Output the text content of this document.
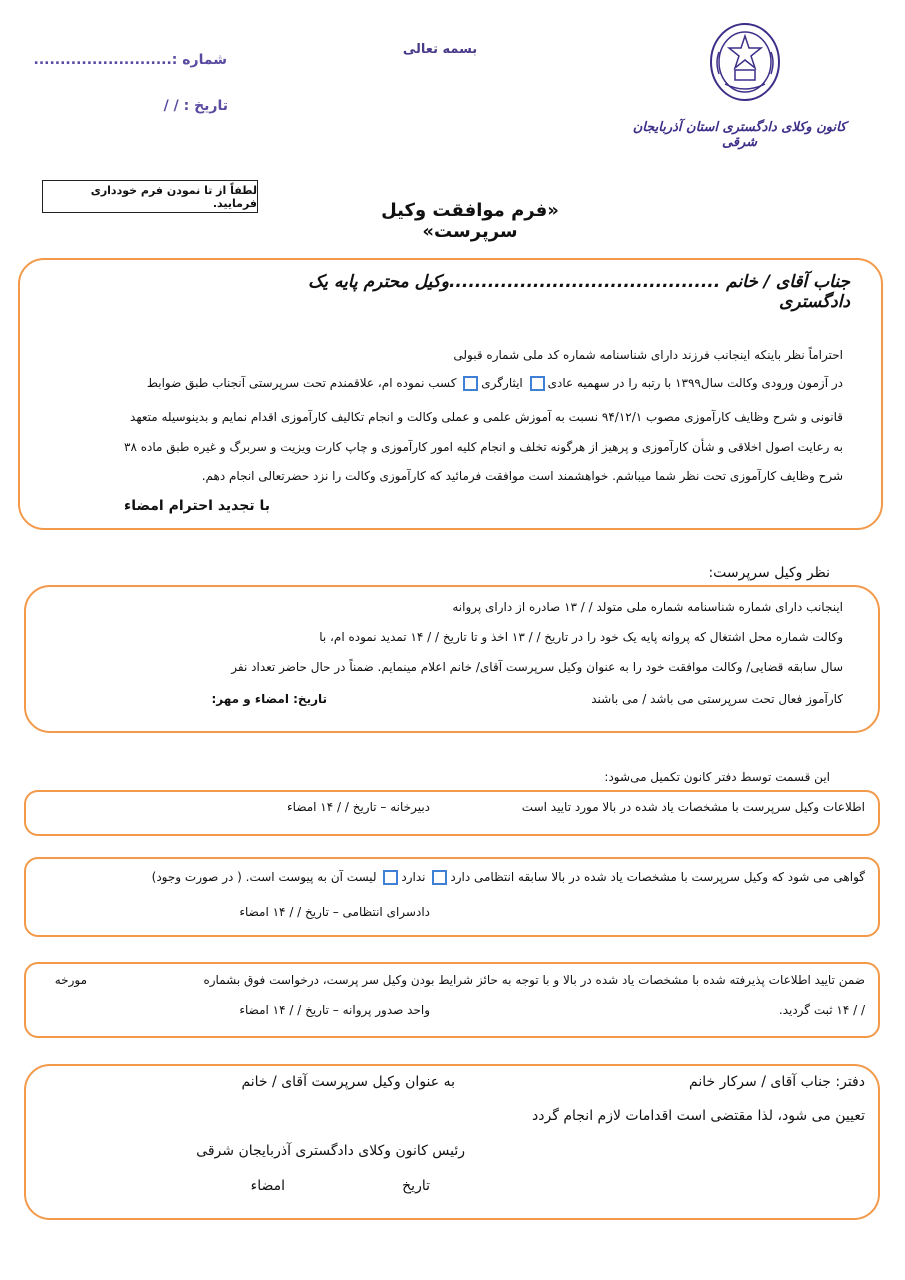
بسمه تعالی
شماره :..........................
تاریخ : / /
کانون وکلای دادگستری استان آذربایجان شرقی
لطفاً از تا نمودن فرم خودداری فرمایید.	«فرم موافقت وکیل سرپرست»
جناب آقای / خانم ..........................................وکیل محترم پایه یک دادگستری
احتراماً نظر باینکه اینجانب فرزند دارای شناسنامه شماره کد ملی شماره قبولی
در آزمون ورودی وکالت سال۱۳۹۹ با رتبه را در سهمیه عادی ایثارگری کسب نموده ام، علاقمندم تحت سرپرستی آنجناب طبق ضوابط
قانونی و شرح وظایف کارآموزی مصوب ۹۴/۱۲/۱ نسبت به آموزش علمی و عملی وکالت و انجام تکالیف کارآموزی اقدام نمایم و بدینوسیله متعهد
به رعایت اصول اخلاقی و شأن کارآموزی و پرهیز از هرگونه تخلف و انجام کلیه امور کارآموزی و چاپ کارت ویزیت و سربرگ و غیره طبق ماده ۳۸
شرح وظایف کارآموزی تحت نظر شما میباشم. خواهشمند است موافقت فرمائید که کارآموزی وکالت را نزد حضرتعالی انجام دهم.
با تجدید احترام امضاء
نظر وکیل سرپرست:
اینجانب دارای شماره شناسنامه شماره ملی متولد / / ۱۳ صادره از دارای پروانه
وکالت شماره محل اشتغال که پروانه پایه یک خود را در تاریخ / / ۱۳ اخذ و تا تاریخ / / ۱۴ تمدید نموده ام، با
سال سابقه قضایی/ وکالت موافقت خود را به عنوان وکیل سرپرست آقای/ خانم اعلام مینمایم. ضمناً در حال حاضر تعداد نفر
کارآموز فعال تحت سرپرستی می باشد / می باشند
تاریخ: امضاء و مهر:
این قسمت توسط دفتر کانون تکمیل می‌شود:
اطلاعات وکیل سرپرست با مشخصات یاد شده در بالا مورد تایید است
دبیرخانه – تاریخ / / ۱۴ امضاء
گواهی می شود که وکیل سرپرست با مشخصات یاد شده در بالا سابقه انتظامی دارد ندارد لیست آن به پیوست است. ( در صورت وجود)
دادسرای انتظامی – تاریخ / / ۱۴ امضاء
ضمن تایید اطلاعات پذیرفته شده با مشخصات یاد شده در بالا و با توجه به حائز شرایط بودن وکیل سر پرست، درخواست فوق بشماره
مورخه
/ / ۱۴ ثبت گردید.
واحد صدور پروانه – تاریخ / / ۱۴ امضاء
دفتر: جناب آقای / سرکار خانم
به عنوان وکیل سرپرست آقای / خانم
تعیین می شود، لذا مقتضی است اقدامات لازم انجام گردد
رئیس کانون وکلای دادگستری آذربایجان شرقی
تاریخ
امضاء
